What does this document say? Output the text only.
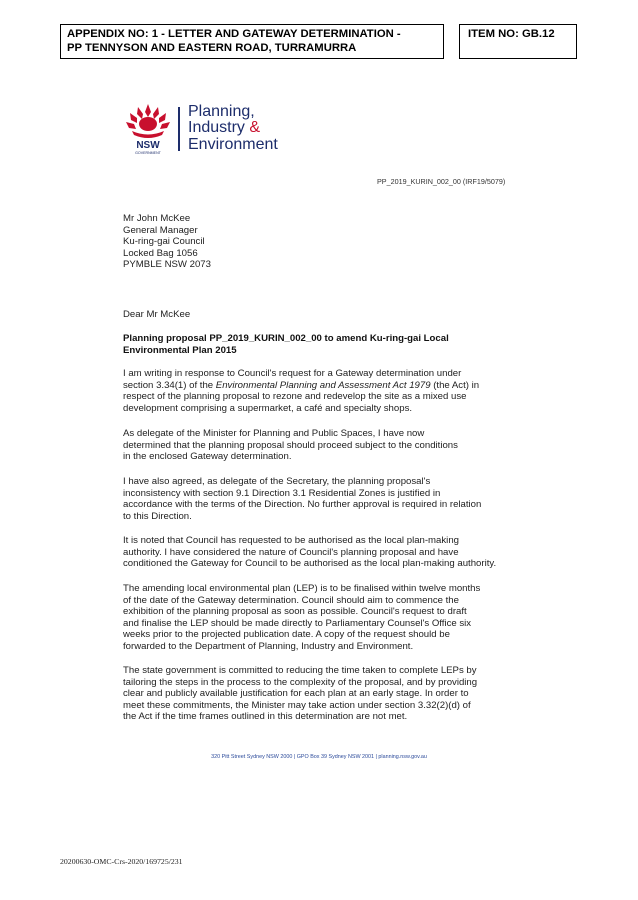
APPENDIX NO: 1 - LETTER AND GATEWAY DETERMINATION -
PP TENNYSON AND EASTERN ROAD, TURRAMURRA
ITEM NO: GB.12
NSW
GOVERNMENT
Planning,
Industry &
Environment
PP_2019_KURIN_002_00 (IRF19/5079)
Mr John McKee
General Manager
Ku-ring-gai Council
Locked Bag 1056
PYMBLE NSW 2073
Dear Mr McKee
Planning proposal PP_2019_KURIN_002_00 to amend Ku-ring-gai Local
Environmental Plan 2015
I am writing in response to Council's request for a Gateway determination under
section 3.34(1) of the Environmental Planning and Assessment Act 1979 (the Act) in
respect of the planning proposal to rezone and redevelop the site as a mixed use
development comprising a supermarket, a café and specialty shops.
As delegate of the Minister for Planning and Public Spaces, I have now
determined that the planning proposal should proceed subject to the conditions
in the enclosed Gateway determination.
I have also agreed, as delegate of the Secretary, the planning proposal's
inconsistency with section 9.1 Direction 3.1 Residential Zones is justified in
accordance with the terms of the Direction. No further approval is required in relation
to this Direction.
It is noted that Council has requested to be authorised as the local plan-making
authority. I have considered the nature of Council's planning proposal and have
conditioned the Gateway for Council to be authorised as the local plan-making authority.
The amending local environmental plan (LEP) is to be finalised within twelve months
of the date of the Gateway determination. Council should aim to commence the
exhibition of the planning proposal as soon as possible. Council's request to draft
and finalise the LEP should be made directly to Parliamentary Counsel's Office six
weeks prior to the projected publication date. A copy of the request should be
forwarded to the Department of Planning, Industry and Environment.
The state government is committed to reducing the time taken to complete LEPs by
tailoring the steps in the process to the complexity of the proposal, and by providing
clear and publicly available justification for each plan at an early stage. In order to
meet these commitments, the Minister may take action under section 3.32(2)(d) of
the Act if the time frames outlined in this determination are not met.
320 Pitt Street Sydney NSW 2000 | GPO Box 39 Sydney NSW 2001 | planning.nsw.gov.au
20200630-OMC-Crs-2020/169725/231
